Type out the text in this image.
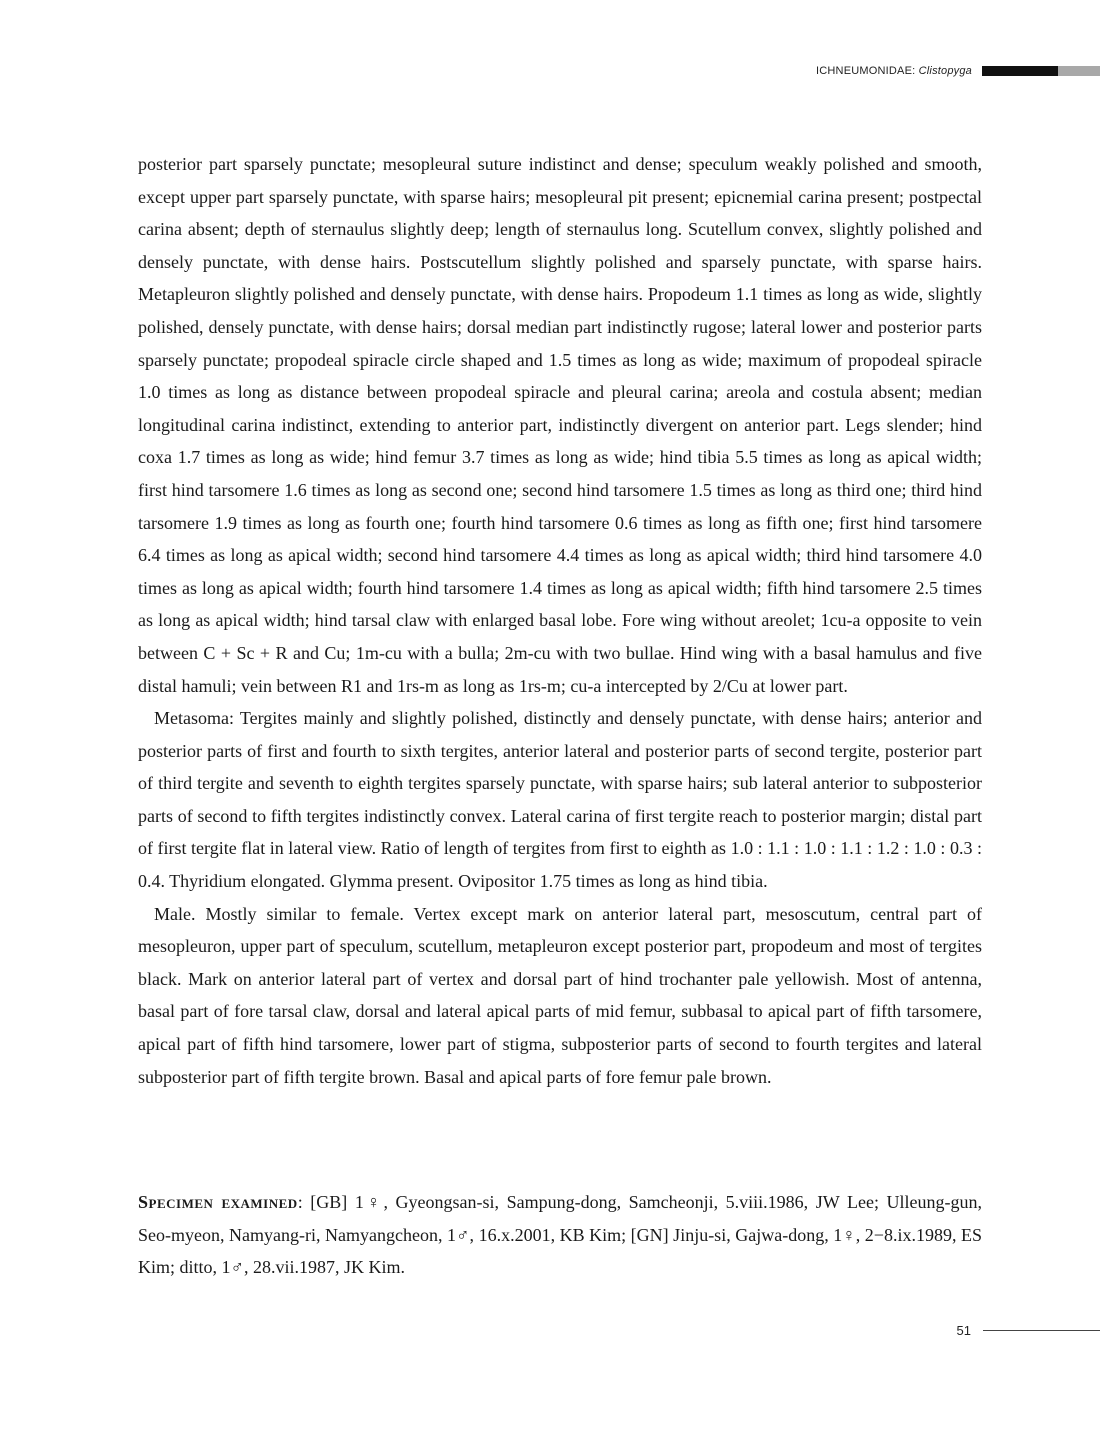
ICHNEUMONIDAE: Clistopyga

posterior part sparsely punctate; mesopleural suture indistinct and dense; speculum weakly polished and smooth, except upper part sparsely punctate, with sparse hairs; mesopleural pit present; epicnemial carina present; postpectal carina absent; depth of sternaulus slightly deep; length of sternaulus long. Scutellum convex, slightly polished and densely punctate, with dense hairs. Postscutellum slightly polished and sparsely punctate, with sparse hairs. Metapleuron slightly polished and densely punctate, with dense hairs. Propodeum 1.1 times as long as wide, slightly polished, densely punctate, with dense hairs; dorsal median part indistinctly rugose; lateral lower and posterior parts sparsely punctate; propodeal spiracle circle shaped and 1.5 times as long as wide; maximum of propodeal spiracle 1.0 times as long as distance between propodeal spiracle and pleural carina; areola and costula absent; median longitudinal carina indistinct, extending to anterior part, indistinctly divergent on anterior part. Legs slender; hind coxa 1.7 times as long as wide; hind femur 3.7 times as long as wide; hind tibia 5.5 times as long as apical width; first hind tarsomere 1.6 times as long as second one; second hind tarsomere 1.5 times as long as third one; third hind tarsomere 1.9 times as long as fourth one; fourth hind tarsomere 0.6 times as long as fifth one; first hind tarsomere 6.4 times as long as apical width; second hind tarsomere 4.4 times as long as apical width; third hind tarsomere 4.0 times as long as apical width; fourth hind tarsomere 1.4 times as long as apical width; fifth hind tarsomere 2.5 times as long as apical width; hind tarsal claw with enlarged basal lobe. Fore wing without areolet; 1cu-a opposite to vein between C + Sc + R and Cu; 1m-cu with a bulla; 2m-cu with two bullae. Hind wing with a basal hamulus and five distal hamuli; vein between R1 and 1rs-m as long as 1rs-m; cu-a intercepted by 2/Cu at lower part.

Metasoma: Tergites mainly and slightly polished, distinctly and densely punctate, with dense hairs; anterior and posterior parts of first and fourth to sixth tergites, anterior lateral and posterior parts of second tergite, posterior part of third tergite and seventh to eighth tergites sparsely punctate, with sparse hairs; sub lateral anterior to subposterior parts of second to fifth tergites indistinctly convex. Lateral carina of first tergite reach to posterior margin; distal part of first tergite flat in lateral view. Ratio of length of tergites from first to eighth as 1.0 : 1.1 : 1.0 : 1.1 : 1.2 : 1.0 : 0.3 : 0.4. Thyridium elongated. Glymma present. Ovipositor 1.75 times as long as hind tibia.

Male. Mostly similar to female. Vertex except mark on anterior lateral part, mesoscutum, central part of mesopleuron, upper part of speculum, scutellum, metapleuron except posterior part, propodeum and most of tergites black. Mark on anterior lateral part of vertex and dorsal part of hind trochanter pale yellowish. Most of antenna, basal part of fore tarsal claw, dorsal and lateral apical parts of mid femur, subbasal to apical part of fifth tarsomere, apical part of fifth hind tarsomere, lower part of stigma, subposterior parts of second to fourth tergites and lateral subposterior part of fifth tergite brown. Basal and apical parts of fore femur pale brown.

Specimen examined: [GB] 1♀, Gyeongsan-si, Sampung-dong, Samcheonji, 5.viii.1986, JW Lee; Ulleung-gun, Seo-myeon, Namyang-ri, Namyangcheon, 1♂, 16.x.2001, KB Kim; [GN] Jinju-si, Gajwa-dong, 1♀, 2−8.ix.1989, ES Kim; ditto, 1♂, 28.vii.1987, JK Kim.

51
